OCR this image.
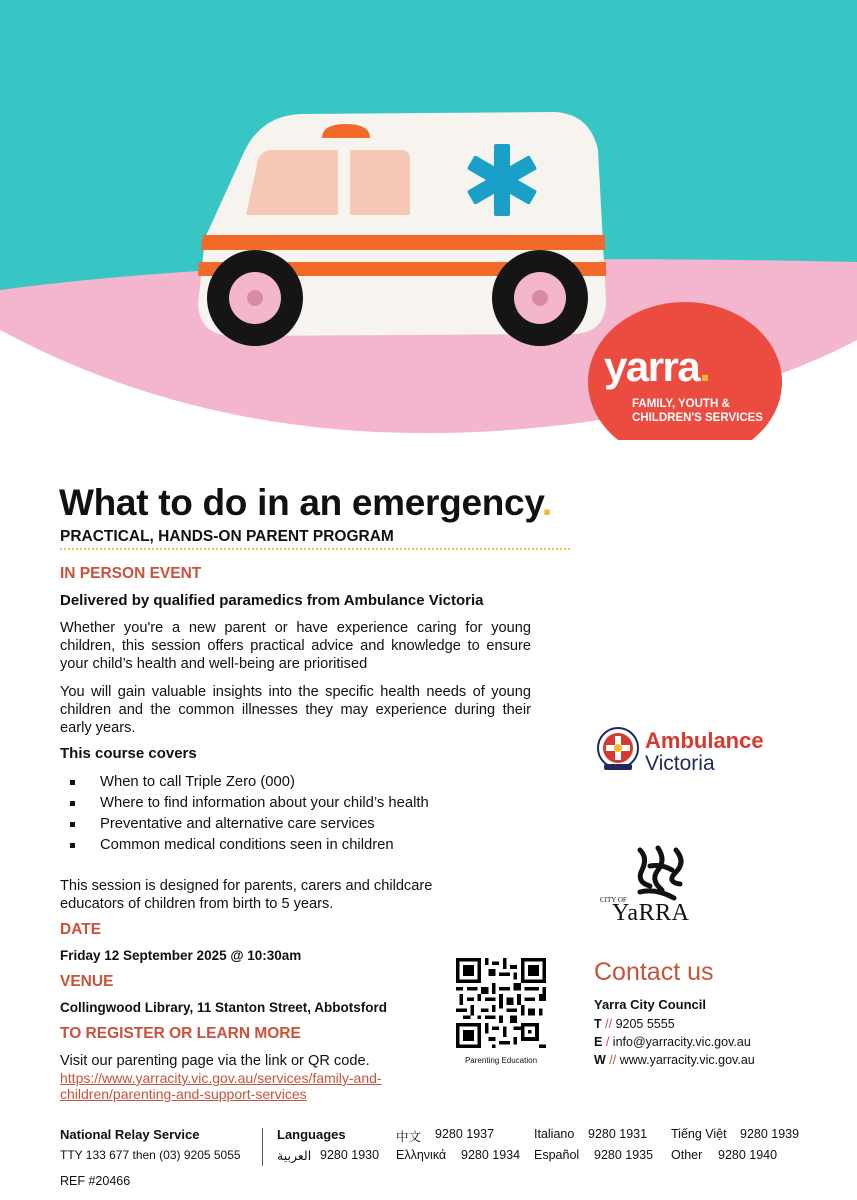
yarra.
FAMILY, YOUTH &
CHILDREN'S SERVICES
What to do in an emergency.
PRACTICAL, HANDS-ON PARENT PROGRAM
IN PERSON EVENT
Delivered by qualified paramedics from Ambulance Victoria
Whether you're a new parent or have experience caring for young children, this session offers practical advice and knowledge to ensure your child’s health and well-being are prioritised
You will gain valuable insights into the specific health needs of young children and the common illnesses they may experience during their early years.
This course covers
When to call Triple Zero (000)
Where to find information about your child’s health
Preventative and alternative care services
Common medical conditions seen in children
This session is designed for parents, carers and childcare educators of children from birth to 5 years.
DATE
Friday 12 September 2025 @ 10:30am
VENUE
Collingwood Library, 11 Stanton Street, Abbotsford
TO REGISTER OR LEARN MORE
Visit our parenting page via the link or QR code.
https://www.yarracity.vic.gov.au/services/family-and-children/parenting-and-support-services
Parenting Education
Ambulance
Victoria
CITY OF
YaRRA
Contact us
Yarra City Council
T // 9205 5555
E / info@yarracity.vic.gov.au
W // www.yarracity.vic.gov.au
National Relay Service
TTY 133 677 then (03) 9205 5055
Languages	中文 9280 1937	Italiano 9280 1931 Tiếng Việt 9280 1939
العربية 9280 1930 Ελληνικά 9280 1934 Español 9280 1935 Other 9280 1940
REF #20466
